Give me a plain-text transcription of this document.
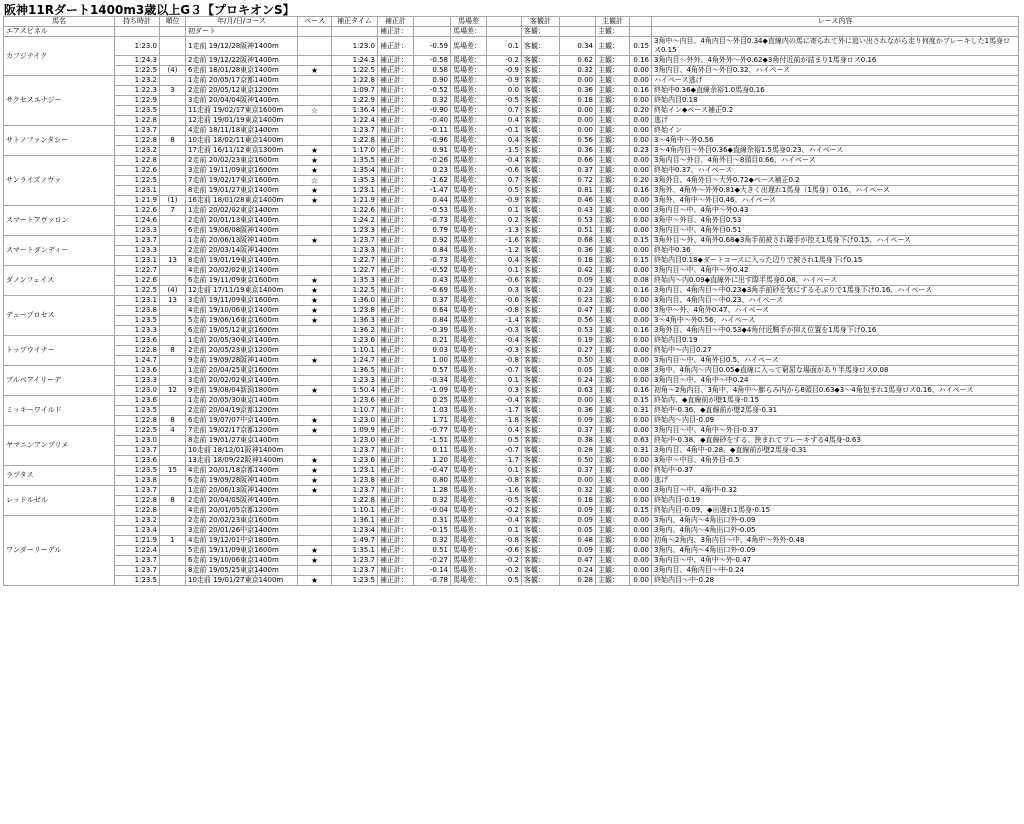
阪神11Rダート1400m3歳以上G３【プロキオンS】
馬名	持ち時計	順位	年/月/日/コース	ペース	補正タイム	補正計		馬場差		客観計		主観計		レース内容
エアスピネル			初ダート			補正計：		馬場差：		客観：		主観：		
カフジテイク	1:23.0		1走前 19/12/28阪神1400m		1:23.0	補正計：	-0.59	馬場差：	0.1	客観：	0.34	主観：	0.15	3角中～内目、4角内目～外目0.34◆直線内の馬に寄られて外に追い出されながら走り何度かブレーキした1馬身ロス0.15
	1:24.3		2走前 19/12/22阪神1400m		1:24.3	補正計：	-0.58	馬場差：	-0.2	客観：	0.62	主観：	0.16	3角内目～外外、4角外外～外0.62◆3角付近前が詰まり1馬身ロス0.16
	1:22.5	(4)	6走前 18/01/28東京1400m	★	1:22.5	補正計：	0.58	馬場差：	-0.9	客観：	0.32	主観：	0.00	3角内目、4角外目～外目0.32、ハイペース
サクセスエナジー	1:23.2		1走前 20/05/17京都1400m		1:22.8	補正計：	0.90	馬場差：	-0.9	客観：	0.00	主観：	0.00	ハイペース逃げ
	1:22.3	3	2走前 20/05/12東京1200m		1:09.7	補正計：	-0.52	馬場差：	0.0	客観：	0.36	主観：	0.16	終始中0.36◆直線余裕1.0馬身0.16
	1:22.9		3走前 20/04/04阪神1400m		1:22.9	補正計：	0.32	馬場差：	-0.5	客観：	0.18	主観：	0.00	終始内目0.18
	1:23.5		11走前 19/02/17東京1600m	☆	1:36.4	補正計：	-0.90	馬場差：	0.7	客観：	0.00	主観：	0.20	終始イン◆ペース補正0.2
	1:22.8		12走前 19/01/19東京1400m		1:22.4	補正計：	-0.40	馬場差：	0.4	客観：	0.00	主観：	0.00	逃げ
サトノファンタシー	1:23.7		4走前 18/11/18東京1400m		1:23.7	補正計：	-0.11	馬場差：	-0.1	客観：	0.00	主観：	0.00	終始イン
	1:22.8	8	10走前 18/02/11東京1400m		1:22.8	補正計：	-0.96	馬場差：	0.4	客観：	0.56	主観：	0.00	3～4角中～外0.56
	1:23.2		17走前 16/11/12東京1300m	★	1:17.0	補正計：	0.91	馬場差：	-1.5	客観：	0.36	主観：	0.23	3～4角内目～外目0.36◆直線余裕1.5馬身0.23、ハイペース
サンライズノヴァ	1:22.8		2走前 20/02/23東京1600m	★	1:35.5	補正計：	-0.26	馬場差：	-0.4	客観：	0.66	主観：	0.00	3角内目～外目、4角外目～8頭目0.66、ハイペース
	1:22.6		3走前 19/11/09東京1600m	★	1:35.4	補正計：	0.23	馬場差：	-0.6	客観：	0.37	主観：	0.00	終始中0.37、ハイペース
	1:22.5		7走前 19/02/17東京1600m	☆	1:35.3	補正計：	-1.62	馬場差：	0.7	客観：	0.72	主観：	0.20	3角外目、4角外目～大外0.72◆ペース補正0.2
	1:23.1		8走前 19/01/27東京1400m	★	1:23.1	補正計：	-1.47	馬場差：	0.5	客観：	0.81	主観：	0.16	3角外、4角外～外外0.81◆大きく出遅れ1馬身（1馬身）0.16、ハイペース
	1:21.9	(1)	16走前 18/01/28東京1400m	★	1:21.9	補正計：	0.44	馬場差：	-0.9	客観：	0.46	主観：	0.00	3角外、4角中～外目0.46、ハイペース
スマートアヴァロン	1:22.6	7	1走前 20/02/02東京1400m		1:22.6	補正計：	-0.53	馬場差：	0.1	客観：	0.43	主観：	0.00	3角内目～中、4角中～外0.43
	1:24.6		2走前 20/01/13東京1400m		1:24.2	補正計：	-0.73	馬場差：	0.2	客観：	0.53	主観：	0.00	3角中～外目、4角外目0.53
	1:23.3		6走前 19/06/08阪神1400m		1:23.3	補正計：	0.79	馬場差：	-1.3	客観：	0.51	主観：	0.00	3角内目～中、4角外目0.51
スマートダンディー	1:23.7		1走前 20/06/13阪神1400m	★	1:23.7	補正計：	0.92	馬場差：	-1.6	客観：	0.68	主観：	0.15	3角外目～外、4角外0.68◆3角手前被され競手が控え1馬身下げ0.15、ハイペース
	1:23.3		2走前 20/03/14阪神1400m		1:23.3	補正計：	0.84	馬場差：	-1.2	客観：	0.36	主観：	0.00	終始中0.36
	1:23.1	13	8走前 19/01/19東京1400m		1:22.7	補正計：	-0.73	馬場差：	0.4	客観：	0.18	主観：	0.15	終始内目0.18◆ダートコースに入った辺りで被され1馬身下げ0.15
ダノンフェイス	1:22.7		4走前 20/02/02東京1400m		1:22.7	補正計：	-0.52	馬場差：	0.1	客観：	0.42	主観：	0.00	3角内目～中、4角中～外0.42
	1:22.6		6走前 19/11/09東京1600m	★	1:35.3	補正計：	0.43	馬場差：	-0.6	客観：	0.09	主観：	0.08	終始内～内0.09◆直線外に出す際半馬身0.08、ハイペース
	1:22.5	(4)	12走前 17/11/19東京1400m	★	1:22.5	補正計：	-0.69	馬場差：	0.3	客観：	0.23	主観：	0.16	3角内目、4角内目～中0.23◆3角手前砂を気にするそぶりで1馬身下げ0.16、ハイペース
デュープロセス	1:23.1	13	3走前 19/11/09東京1600m	★	1:36.0	補正計：	0.37	馬場差：	-0.6	客観：	0.23	主観：	0.00	3角内目、4角内目～中0.23、ハイペース
	1:23.8		4走前 19/10/06東京1400m	★	1:23.8	補正計：	0.64	馬場差：	-0.8	客観：	0.47	主観：	0.00	3角中～外、4角外0.47、ハイペース
	1:23.5		5走前 19/06/16東京1600m	★	1:36.3	補正計：	0.84	馬場差：	-1.4	客観：	0.56	主観：	0.00	3～4角中～外0.56、ハイペース
	1:23.3		6走前 19/05/12東京1600m		1:36.2	補正計：	-0.39	馬場差：	-0.3	客観：	0.53	主観：	0.16	3角外目、4角内目～中0.53◆4角付近騎手が抑え位置を1馬身下げ0.16
トップウイナー	1:23.6		1走前 20/05/30東京1400m		1:23.6	補正計：	0.21	馬場差：	-0.4	客観：	0.19	主観：	0.00	終始内目0.19
	1:22.8	8	2走前 20/05/23東京1200m		1:10.1	補正計：	0.03	馬場差：	-0.3	客観：	0.27	主観：	0.00	終始中～内目0.27
	1:24.7		9走前 19/09/28阪神1400m	★	1:24.7	補正計：	1.00	馬場差：	-0.8	客観：	0.50	主観：	0.00	3角内目～中、4角外目0.5、ハイペース
ブルベアイリーデ	1:23.6		1走前 20/04/25東京1600m		1:36.5	補正計：	0.57	馬場差：	-0.7	客観：	0.05	主観：	0.08	3角中、4角内～内目0.05◆直線に入って窮屈な場面があり半馬身ロス0.08
	1:23.3		3走前 20/02/02東京1400m		1:23.3	補正計：	-0.34	馬場差：	0.1	客観：	0.24	主観：	0.00	3角内目～中、4角中～中0.24
	1:23.0	12	9走前 19/08/04新潟1800m	★	1:50.4	補正計：	-1.09	馬場差：	0.3	客観：	0.63	主観：	0.16	初角～2角内目、3角中、4角中～膨らみ内から8頭目0.63◆3～4角包まれ1馬身ロス0.16、ハイペース
ミッキーワイルド	1:23.6		1走前 20/05/30東京1400m		1:23.6	補正計：	0.25	馬場差：	-0.4	客観：	0.00	主観：	0.15	終始内、◆直線前が壁1馬身-0.15
	1:23.5		2走前 20/04/19京都1200m		1:10.7	補正計：	1.03	馬場差：	-1.7	客観：	0.36	主観：	0.31	終始中-0.36、◆直線前が壁2馬身-0.31
	1:22.8	8	6走前 19/07/07中京1400m	★	1:23.0	補正計：	1.71	馬場差：	-1.8	客観：	0.09	主観：	0.00	終始内～内目-0.09
ヤマニンアンプリメ	1:22.5	4	7走前 19/02/17京都1200m	★	1:09.9	補正計：	-0.77	馬場差：	0.4	客観：	0.37	主観：	0.00	3角内目～中、4角中～外目-0.37
	1:23.0		8走前 19/01/27東京1400m		1:23.0	補正計：	-1.51	馬場差：	0.5	客観：	0.38	主観：	0.63	終始中-0.38、◆直線砂をする、挟まれてブレーキする4馬身-0.63
	1:23.7		10走前 18/12/01阪神1400m		1:23.7	補正計：	0.11	馬場差：	-0.7	客観：	0.28	主観：	0.31	3角内目、4角中-0.28、◆直線前が壁2馬身-0.31
	1:23.6		13走前 18/09/22阪神1400m	★	1:23.6	補正計：	1.20	馬場差：	-1.7	客観：	0.50	主観：	0.00	3角中～中目、4角外目-0.5
ラプタス	1:23.5	15	4走前 20/01/18京都1400m	★	1:23.1	補正計：	-0.47	馬場差：	0.1	客観：	0.37	主観：	0.00	終始中-0.37
	1:23.8		6走前 19/09/28阪神1400m	★	1:23.8	補正計：	0.80	馬場差：	-0.8	客観：	0.00	主観：	0.00	逃げ
レッドルゼル	1:23.7		1走前 20/06/13阪神1400m	★	1:23.7	補正計：	1.28	馬場差：	-1.6	客観：	0.32	主観：	0.00	3角内目～中、4角中-0.32
	1:22.8	8	2走前 20/04/05阪神1400m		1:22.8	補正計：	0.32	馬場差：	-0.5	客観：	0.18	主観：	0.00	終始内目-0.19
	1:22.8		4走前 20/01/05京都1200m		1:10.1	補正計：	-0.04	馬場差：	-0.2	客観：	0.09	主観：	0.15	終始内目-0.09、◆出遅れ1馬身-0.15
ワンダーリーデル	1:23.2		2走前 20/02/23東京1600m		1:36.1	補正計：	0.31	馬場差：	-0.4	客観：	0.09	主観：	0.00	3角内、4角内～4角出口外-0.09
	1:23.4		3走前 20/01/26中京1400m		1:23.4	補正計：	-0.15	馬場差：	0.1	客観：	0.05	主観：	0.00	3角内、4角内～4角出口外-0.05
	1:21.9	1	4走前 19/12/01中京1800m		1:49.7	補正計：	0.32	馬場差：	-0.8	客観：	0.48	主観：	0.00	初角～2角内、3角内目～中、4角中～外外-0.48
	1:22.4		5走前 19/11/09東京1600m	★	1:35.1	補正計：	0.51	馬場差：	-0.6	客観：	0.09	主観：	0.00	3角内、4角内～4角出口外-0.09
	1:23.7		6走前 19/10/06東京1400m	★	1:23.7	補正計：	-0.27	馬場差：	-0.2	客観：	0.47	主観：	0.00	3角内目～中、4角中～外-0.47
	1:23.7		8走前 19/05/25東京1400m		1:23.7	補正計：	-0.14	馬場差：	-0.2	客観：	0.24	主観：	0.00	3角内目、4角内目～中-0.24
	1:23.5		10走前 19/01/27東京1400m	★	1:23.5	補正計：	-0.78	馬場差：	0.5	客観：	0.28	主観：	0.00	終始内目～中-0.28
